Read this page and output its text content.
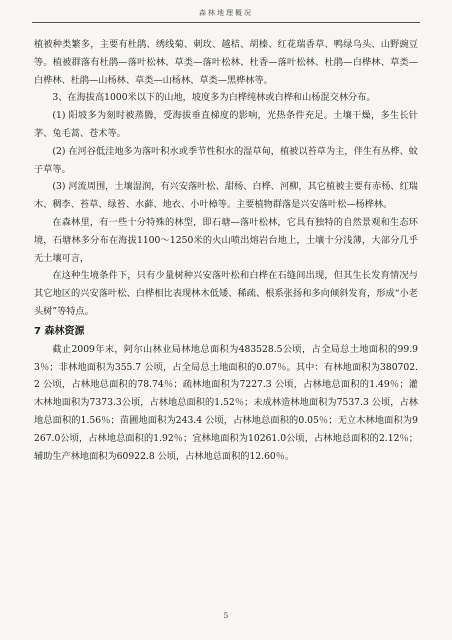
森林地理概况

植被种类繁多，主要有杜鹃、绣线菊、刺玫、越桔、胡榛、红花瑞香草、鸭绿乌头、山野豌豆等。植被群落有杜鹃—落叶松林、草类—落叶松林、杜香—落叶松林、杜鹃—白桦林、草类—白桦林、杜鹃—山杨林、草类—山杨林、草类—黑桦林等。

3、在海拔高1000米以下的山地，坡度多为白桦纯林或白桦和山杨混交林分布。

(1) 阳坡多为刻时被蒸腾，受海拔垂直梯度的影响，光热条件充足。土壤干燥，多生长针茅、兔毛蒿、苍术等。

(2) 在河谷低洼地多为落叶积水或季节性积水的湿草甸，植被以苔草为主，伴生有丛桦、蚊子草等。

(3) 河流周围，土壤湿润，有兴安落叶松、甜杨、白桦、河柳，其它植被主要有赤杨、红瑞木、稠李、苔草、绿苔、水藓、地衣、小叶樟等。主要植物群落是兴安落叶松—杨桦林。

在森林里，有一些十分特殊的林型，即石塘—落叶松林，它具有独特的自然景观和生态环境，石塘林多分布在海拔1100～1250米的火山喷出熔岩台地上，土壤十分浅薄，大部分几乎无土壤可言，

在这种生境条件下，只有少量树种兴安落叶松和白桦在石缝间出现，但其生长发育情况与其它地区的兴安落叶松、白桦相比表现林木低矮、稀疏、根系张扬和多向倾斜发育，形成“小老头树”等特点。

7 森林资源

截止2009年末，阿尔山林业局林地总面积为483528.5公顷，占全局总土地面积的99.93％；非林地面积为355.7 公顷，占全局总土地面积的0.07％。其中：有林地面积为380702.2 公顷，占林地总面积的78.74％；疏林地面积为7227.3 公顷，占林地总面积的1.49％；灌木林地面积为7373.3公顷，占林地总面积的1.52％；未成林造林地面积为7537.3 公顷，占林地总面积的1.56％；苗圃地面积为243.4 公顷，占林地总面积的0.05％；无立木林地面积为9267.0公顷，占林地总面积的1.92％；宜林地面积为10261.0公顷，占林地总面积的2.12％；辅助生产林地面积为60922.8 公顷，占林地总面积的12.60％。

5
